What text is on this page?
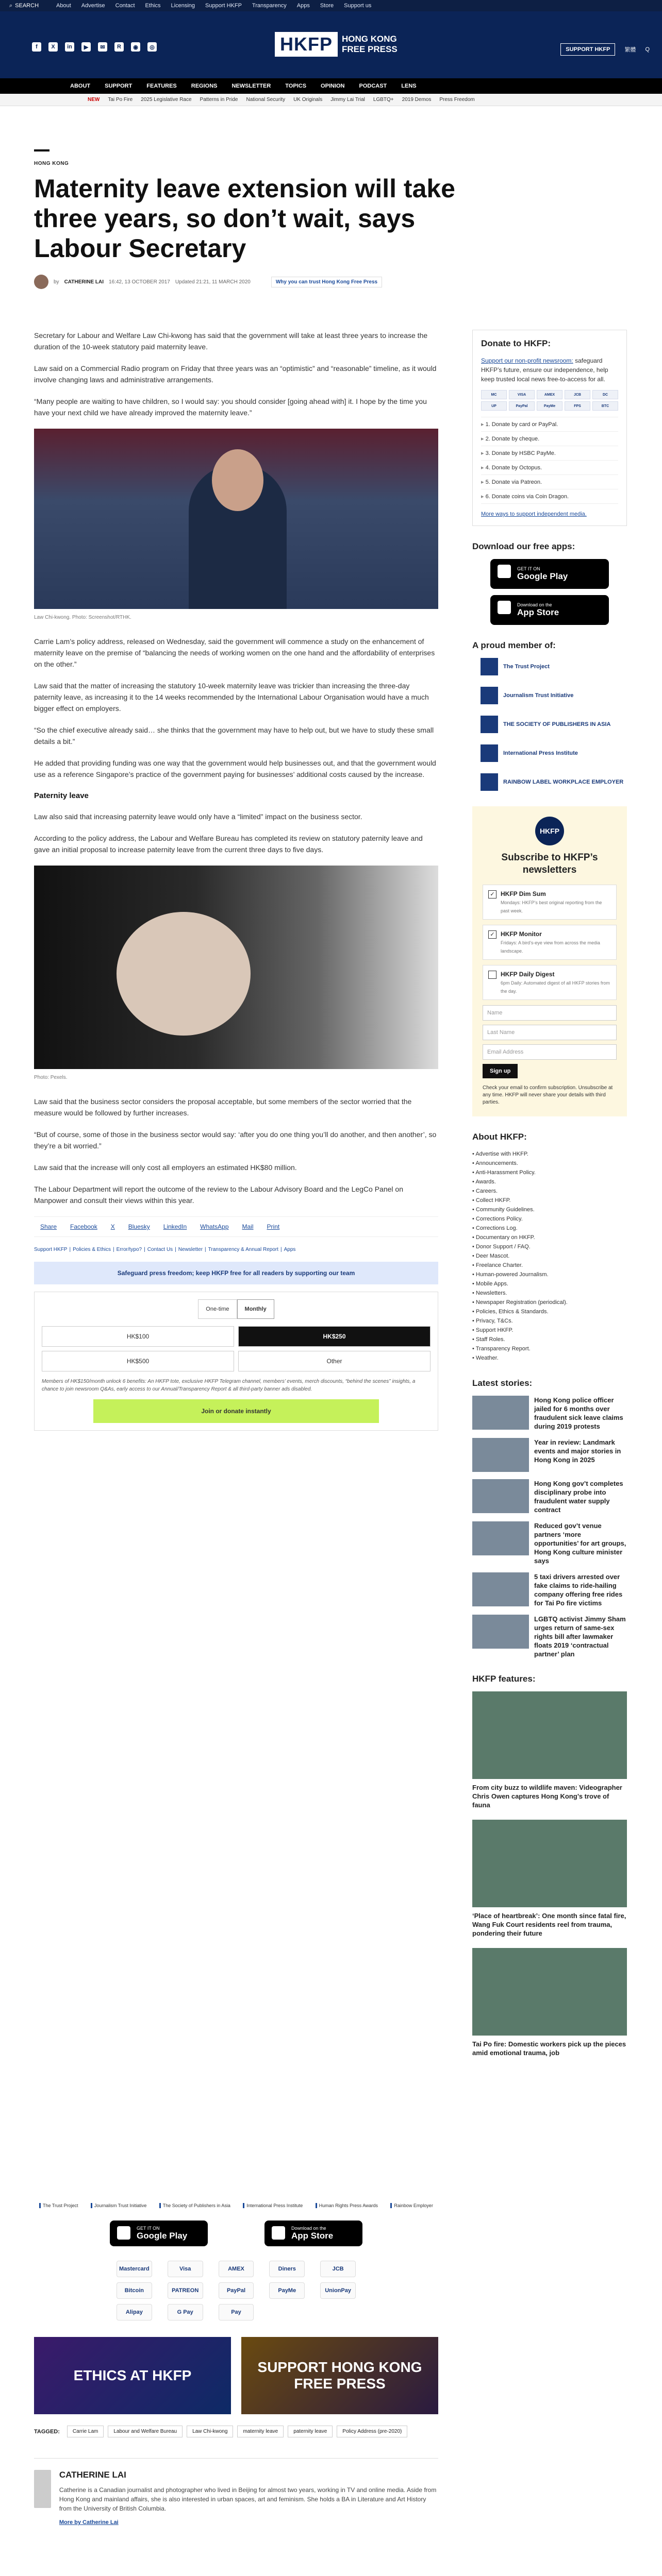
⌕ SEARCH	About Advertise Contact Ethics Licensing Support HKFP Transparency Apps Store Support us
f	X	in	▶	✉	R	◉	◎	HKFP	HONG KONG
FREE PRESS	SUPPORT HKFP	繁體 Q
ABOUT	SUPPORT	FEATURES	REGIONS	NEWSLETTER	TOPICS	OPINION	PODCAST	LENS
NEW Tai Po Fire 2025 Legislative Race Patterns in Pride National Security UK Originals Jimmy Lai Trial LGBTQ+ 2019 Demos Press Freedom
HONG KONG
Maternity leave extension will take three years, so don’t wait, says Labour Secretary
by CATHERINE LAI 16:42, 13 OCTOBER 2017 Updated 21:21, 11 MARCH 2020	Why you can trust Hong Kong Free Press

Secretary for Labour and Welfare Law Chi-kwong has said that the government will take at least three years to increase the duration of the 10-week statutory paid maternity leave.

Law said on a Commercial Radio program on Friday that three years was an “optimistic” and “reasonable” timeline, as it would involve changing laws and administrative arrangements.

“Many people are waiting to have children, so I would say: you should consider [going ahead with] it. I hope by the time you have your next child we have already improved the maternity leave.”

Law Chi-kwong. Photo: Screenshot/RTHK.

Carrie Lam’s policy address, released on Wednesday, said the government will commence a study on the enhancement of maternity leave on the premise of “balancing the needs of working women on the one hand and the affordability of enterprises on the other.”

Law said that the matter of increasing the statutory 10-week maternity leave was trickier than increasing the three-day paternity leave, as increasing it to the 14 weeks recommended by the International Labour Organisation would have a much bigger effect on employers.

“So the chief executive already said… she thinks that the government may have to help out, but we have to study these small details a bit.”

He added that providing funding was one way that the government would help businesses out, and that the government would use as a reference Singapore’s practice of the government paying for businesses’ additional costs caused by the increase.

Paternity leave

Law also said that increasing paternity leave would only have a “limited” impact on the business sector.

According to the policy address, the Labour and Welfare Bureau has completed its review on statutory paternity leave and gave an initial proposal to increase paternity leave from the current three days to five days.

Photo: Pexels.

Law said that the business sector considers the proposal acceptable, but some members of the sector worried that the measure would be followed by further increases.

“But of course, some of those in the business sector would say: ‘after you do one thing you’ll do another, and then another’, so they’re a bit worried.”

Law said that the increase will only cost all employers an estimated HK$80 million.

The Labour Department will report the outcome of the review to the Labour Advisory Board and the LegCo Panel on Manpower and consult their views within this year.

Share Facebook X Bluesky LinkedIn WhatsApp Mail Print
Support HKFP | Policies & Ethics | Error/typo? | Contact Us | Newsletter | Transparency & Annual Report | Apps
Safeguard press freedom; keep HKFP free for all readers by supporting our team
One-time	Monthly
HK$100	HK$250
HK$500	Other
Members of HK$150/month unlock 6 benefits: An HKFP tote, exclusive HKFP Telegram channel, members’ events, merch discounts, “behind the scenes” insights, a chance to join newsroom Q&As, early access to our Annual/Transparency Report & all third-party banner ads disabled.
Join or donate instantly
The Trust Project	Journalism Trust Initiative	The Society of Publishers in Asia	International Press Institute	Human Rights Press Awards	Rainbow Employer
GET IT ON
Google Play
Download on the
App Store
Mastercard	Visa	AMEX	Diners	JCB
Bitcoin	PATREON	PayPal	PayMe	UnionPay
Alipay	G Pay	Pay
ETHICS AT HKFP
SUPPORT HONG KONG FREE PRESS
TAGGED:	Carrie Lam	Labour and Welfare Bureau	Law Chi-kwong	maternity leave	paternity leave	Policy Address (pre-2020)
CATHERINE LAI

Catherine is a Canadian journalist and photographer who lived in Beijing for almost two years, working in TV and online media. Aside from Hong Kong and mainland affairs, she is also interested in urban spaces, art and feminism. She holds a BA in Literature and Art History from the University of British Columbia.

More by Catherine Lai
Donate to HKFP:

Support our non-profit newsroom: safeguard HKFP’s future, ensure our independence, help keep trusted local news free-to-access for all.

MC	VISA	AMEX	JCB	DC
UP	PayPal	PayMe	FPS	BTC
▸ 1. Donate by card or PayPal.
▸ 2. Donate by cheque.
▸ 3. Donate by HSBC PayMe.
▸ 4. Donate by Octopus.
▸ 5. Donate via Patreon.
▸ 6. Donate coins via Coin Dragon.
More ways to support independent media.
Download our free apps:
GET IT ON
Google Play
Download on the
App Store
A proud member of:
The Trust Project
Journalism Trust Initiative
THE SOCIETY OF PUBLISHERS IN ASIA
International Press Institute
RAINBOW LABEL WORKPLACE EMPLOYER
HKFP
Subscribe to HKFP’s newsletters
✓ HKFP Dim Sum
Mondays: HKFP’s best original reporting from the past week.
✓ HKFP Monitor
Fridays: A bird’s-eye view from across the media landscape.
HKFP Daily Digest
6pm Daily: Automated digest of all HKFP stories from the day.
Name
Last Name
Email Address
Sign up
Check your email to confirm subscription. Unsubscribe at any time. HKFP will never share your details with third parties.
About HKFP:
• Advertise with HKFP.
• Announcements.
• Anti-Harassment Policy.
• Awards.
• Careers.
• Collect HKFP.
• Community Guidelines.
• Corrections Policy.
• Corrections Log.
• Documentary on HKFP.
• Donor Support / FAQ.
• Deer Mascot.
• Freelance Charter.
• Human-powered Journalism.
• Mobile Apps.
• Newsletters.
• Newspaper Registration (periodical).
• Policies, Ethics & Standards.
• Privacy, T&Cs.
• Support HKFP.
• Staff Roles.
• Transparency Report.
• Weather.
Latest stories:
Hong Kong police officer jailed for 6 months over fraudulent sick leave claims during 2019 protests
Year in review: Landmark events and major stories in Hong Kong in 2025
Hong Kong gov’t completes disciplinary probe into fraudulent water supply contract
Reduced gov’t venue partners ‘more opportunities’ for art groups, Hong Kong culture minister says
5 taxi drivers arrested over fake claims to ride-hailing company offering free rides for Tai Po fire victims
LGBTQ activist Jimmy Sham urges return of same-sex rights bill after lawmaker floats 2019 ‘contractual partner’ plan
HKFP features:
From city buzz to wildlife maven: Videographer Chris Owen captures Hong Kong’s trove of fauna
‘Place of heartbreak’: One month since fatal fire, Wang Fuk Court residents reel from trauma, pondering their future
Tai Po fire: Domestic workers pick up the pieces amid emotional trauma, job
